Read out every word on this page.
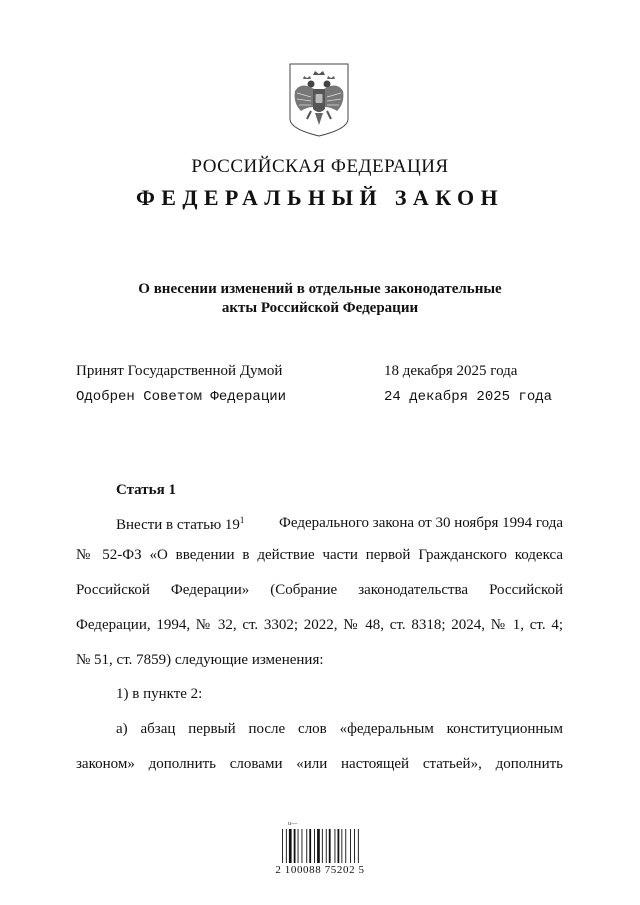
РОССИЙСКАЯ ФЕДЕРАЦИЯ
ФЕДЕРАЛЬНЫЙ ЗАКОН
О внесении изменений в отдельные законодательные
акты Российской Федерации
Принят Государственной Думой	18 декабря 2025 года
Одобрен Советом Федерации	24 декабря 2025 года
Статья 1
Внести в статью $19^1$ Федерального закона от 30 ноября 1994 года
№ 52-ФЗ «О введении в действие части первой Гражданского кодекса
Российской Федерации» (Собрание законодательства Российской
Федерации, 1994, № 32, ст. 3302; 2022, № 48, ст. 8318; 2024, № 1, ст. 4;
№ 51, ст. 7859) следующие изменения:
1) в пункте 2:
а) абзац первый после слов «федеральным конституционным
законом» дополнить словами «или настоящей статьей», дополнить
ɩɩ—
2 100088 75202 5
